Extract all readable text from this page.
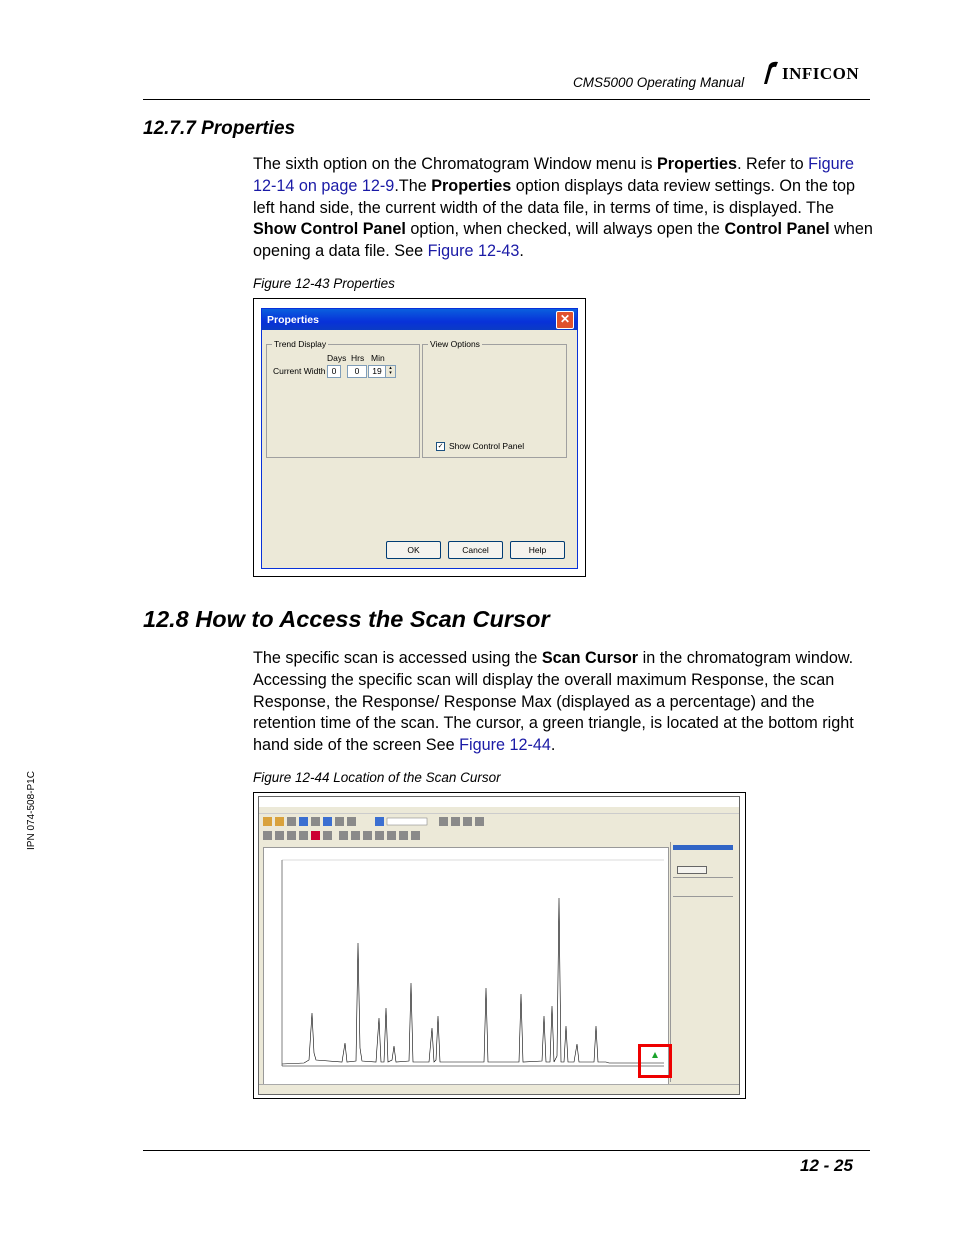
CMS5000 Operating Manual INFICON
12.7.7 Properties
The sixth option on the Chromatogram Window menu is Properties. Refer to Figure 12-14 on page 12-9.The Properties option displays data review settings. On the top left hand side, the current width of the data file, in terms of time, is displayed. The Show Control Panel option, when checked, will always open the Control Panel when opening a data file. See Figure 12-43.
Figure 12-43 Properties
Properties	✕
Trend Display
Days Hrs Min
Current Width 0	0	19	▴
▾
View Options
✓ Show Control Panel
OK	Cancel	Help
12.8 How to Access the Scan Cursor
The specific scan is accessed using the Scan Cursor in the chromatogram window. Accessing the specific scan will display the overall maximum Response, the scan Response, the Response/ Response Max (displayed as a percentage) and the retention time of the scan. The cursor, a green triangle, is located at the bottom right hand side of the screen See Figure 12-44.
Figure 12-44 Location of the Scan Cursor
IPN 074-508-P1C
12 - 25
